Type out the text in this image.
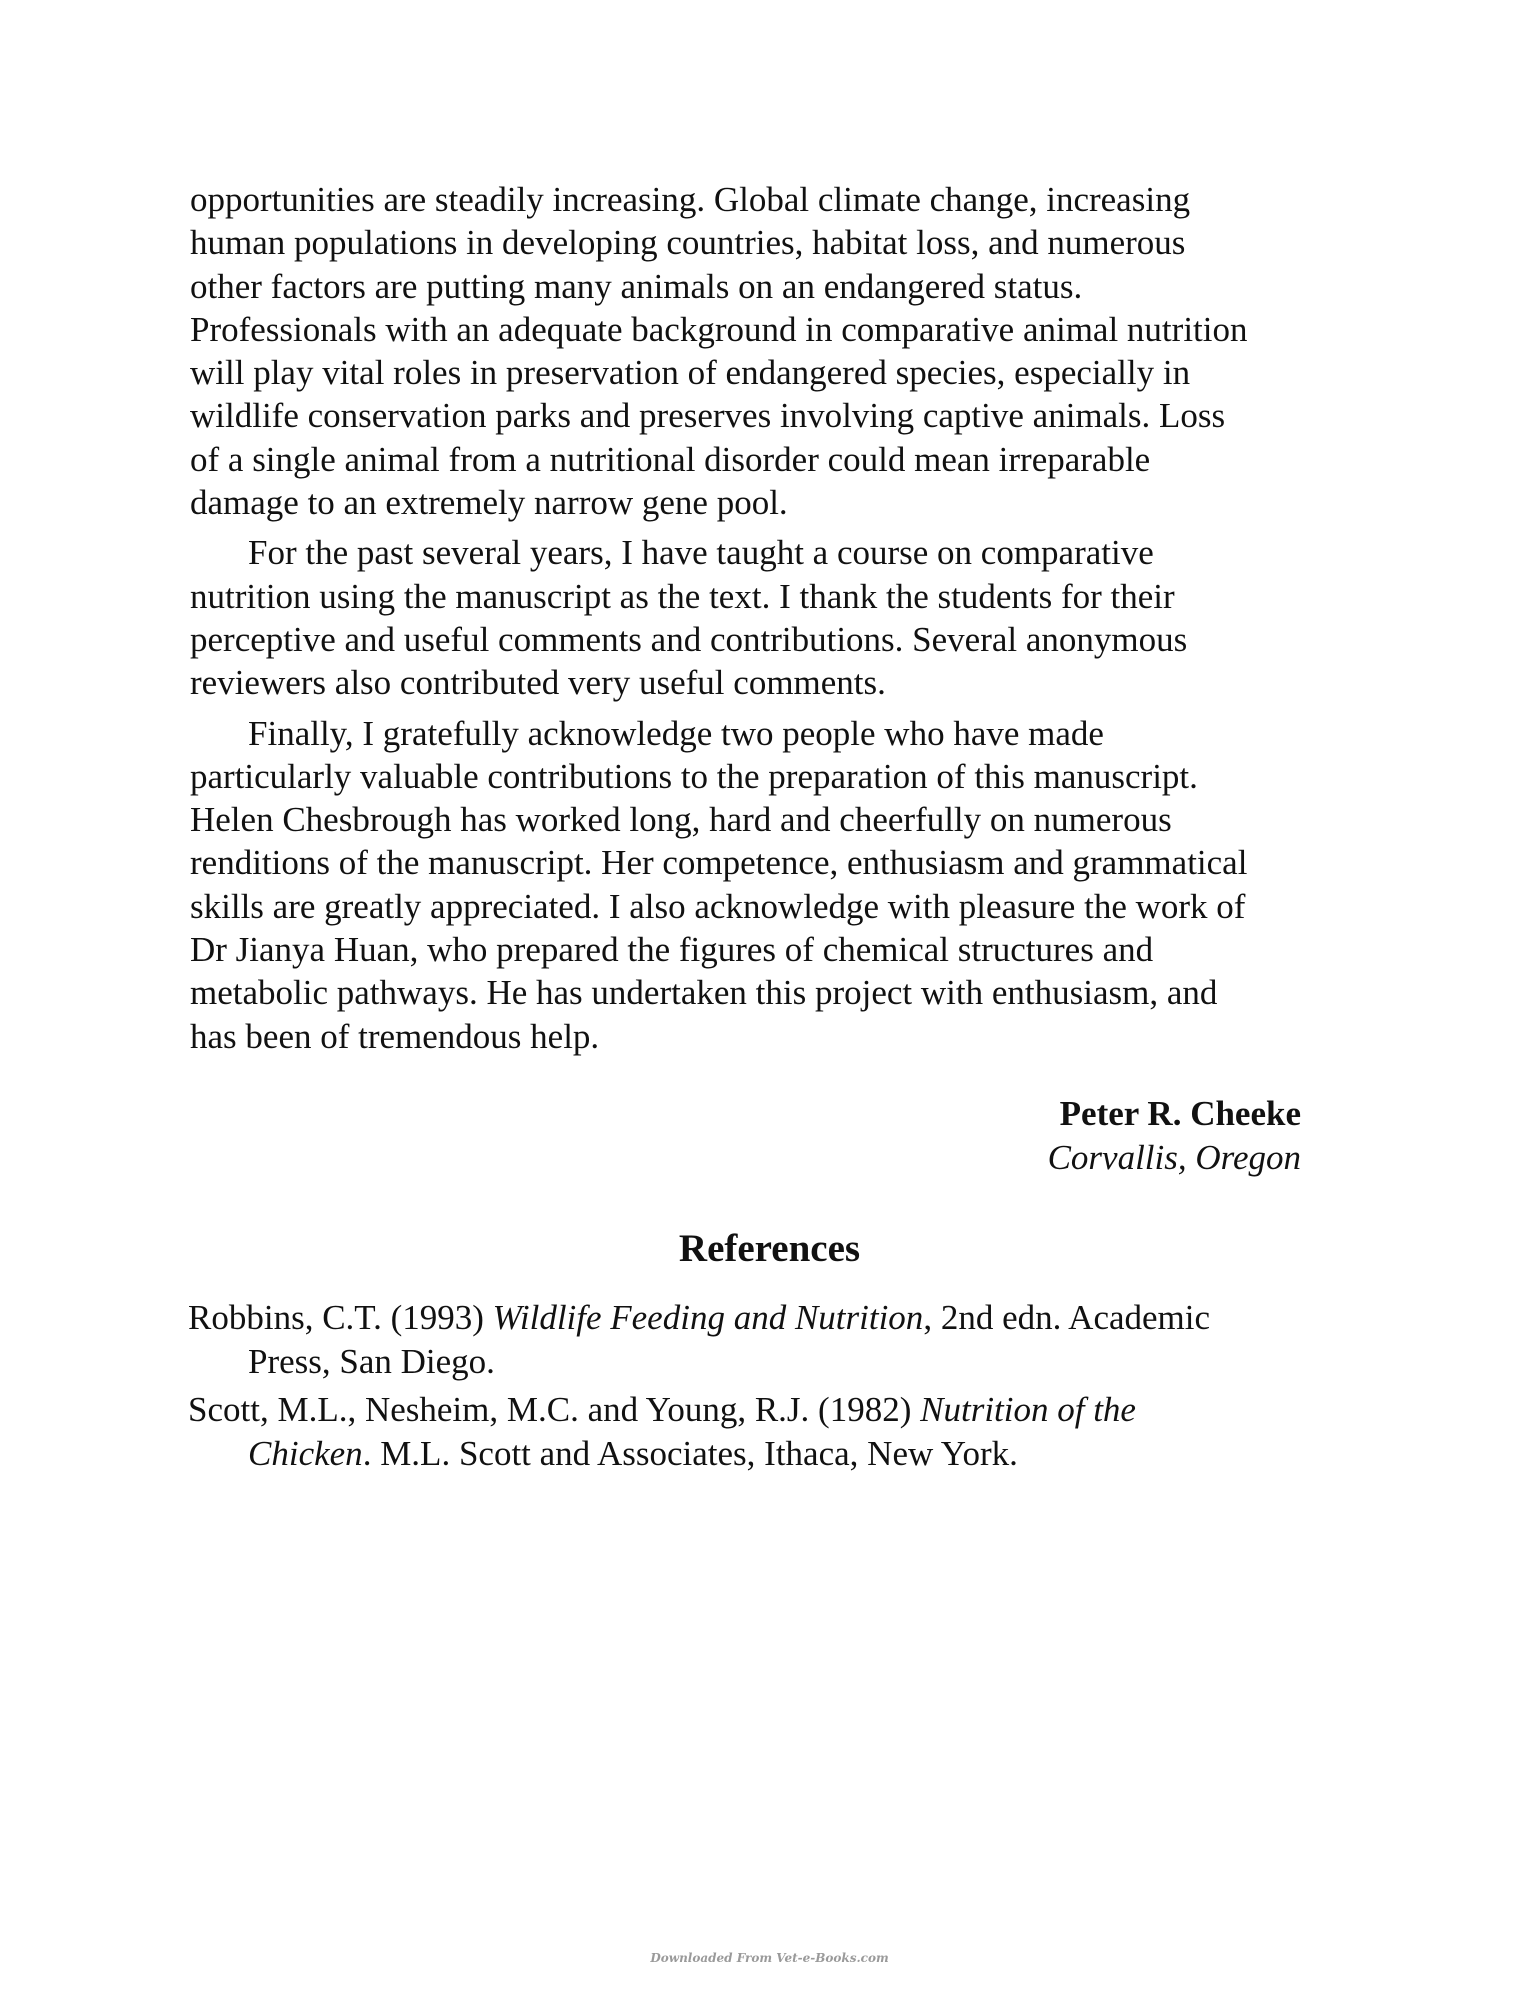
opportunities are steadily increasing. Global climate change, increasing
human populations in developing countries, habitat loss, and numerous
other factors are putting many animals on an endangered status.
Professionals with an adequate background in comparative animal nutrition
will play vital roles in preservation of endangered species, especially in
wildlife conservation parks and preserves involving captive animals. Loss
of a single animal from a nutritional disorder could mean irreparable
damage to an extremely narrow gene pool.

For the past several years, I have taught a course on comparative
nutrition using the manuscript as the text. I thank the students for their
perceptive and useful comments and contributions. Several anonymous
reviewers also contributed very useful comments.

Finally, I gratefully acknowledge two people who have made
particularly valuable contributions to the preparation of this manuscript.
Helen Chesbrough has worked long, hard and cheerfully on numerous
renditions of the manuscript. Her competence, enthusiasm and grammatical
skills are greatly appreciated. I also acknowledge with pleasure the work of
Dr Jianya Huan, who prepared the figures of chemical structures and
metabolic pathways. He has undertaken this project with enthusiasm, and
has been of tremendous help.

Peter R. Cheeke
Corvallis, Oregon
References
Robbins, C.T. (1993) Wildlife Feeding and Nutrition, 2nd edn. Academic
Press, San Diego.
Scott, M.L., Nesheim, M.C. and Young, R.J. (1982) Nutrition of the
Chicken. M.L. Scott and Associates, Ithaca, New York.
Downloaded From Vet-e-Books.com
